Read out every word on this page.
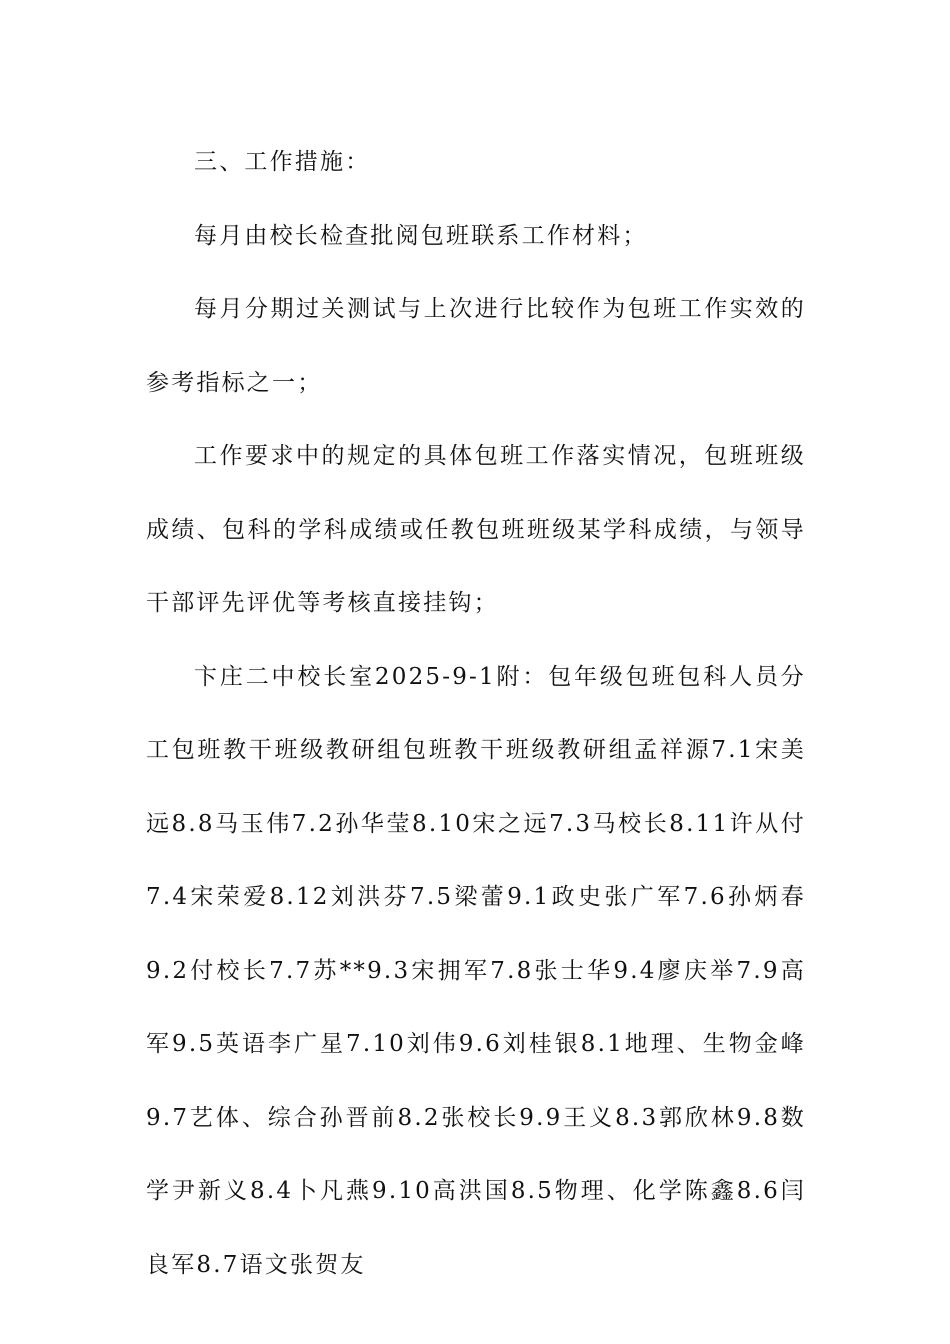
三、工作措施：

每月由校长检查批阅包班联系工作材料；

每月分期过关测试与上次进行比较作为包班工作实效的参考指标之一；

工作要求中的规定的具体包班工作落实情况，包班班级成绩、包科的学科成绩或任教包班班级某学科成绩，与领导干部评先评优等考核直接挂钩；

卞庄二中校长室2025-9-1附：包年级包班包科人员分工包班教干班级教研组包班教干班级教研组孟祥源7.1宋美远8.8马玉伟7.2孙华莹8.10宋之远7.3马校长8.11许从付7.4宋荣爱8.12刘洪芬7.5梁蕾9.1政史张广军7.6孙炳春9.2付校长7.7苏**9.3宋拥军7.8张士华9.4廖庆举7.9高军9.5英语李广星7.10刘伟9.6刘桂银8.1地理、生物金峰9.7艺体、综合孙晋前8.2张校长9.9王义8.3郭欣林9.8数学尹新义8.4卜凡燕9.10高洪国8.5物理、化学陈鑫8.6闫良军8.7语文张贺友
